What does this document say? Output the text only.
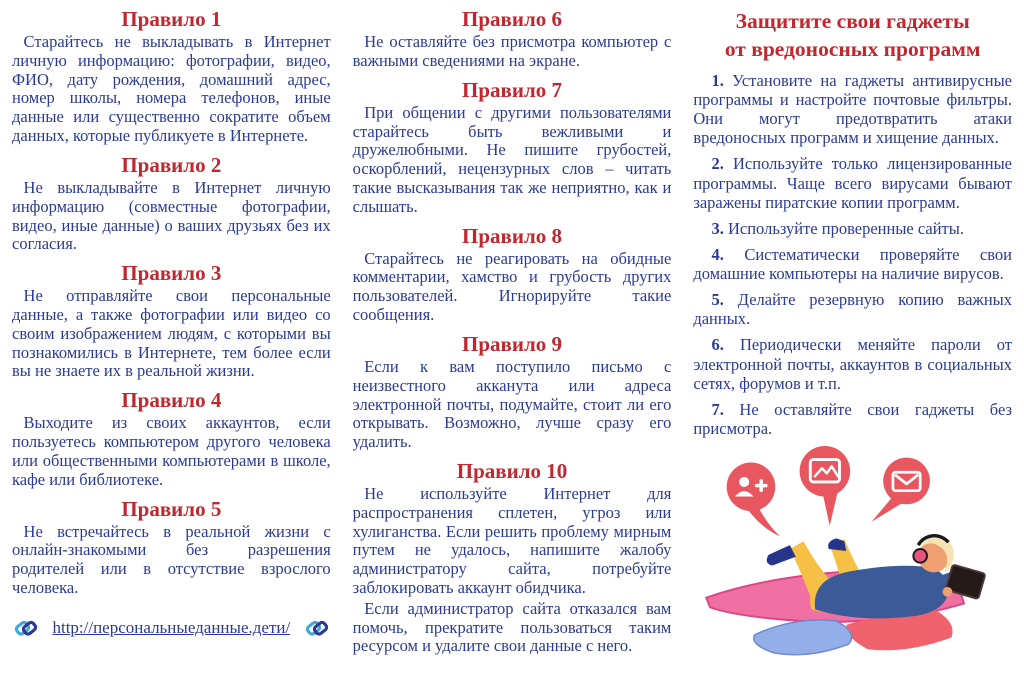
Правило 1

Старайтесь не выкладывать в Интернет личную информацию: фотографии, видео, ФИО, дату рождения, домашний адрес, номер школы, номера телефонов, иные данные или существенно сократите объем данных, которые публикуете в Интернете.

Правило 2

Не выкладывайте в Интернет личную информацию (совместные фотографии, видео, иные данные) о ваших друзьях без их согласия.

Правило 3

Не отправляйте свои персональные данные, а также фотографии или видео со своим изображением людям, с которыми вы познакомились в Интернете, тем более если вы не знаете их в реальной жизни.

Правило 4

Выходите из своих аккаунтов, если пользуетесь компьютером другого человека или общественными компьютерами в школе, кафе или библиотеке.

Правило 5

Не встречайтесь в реальной жизни с онлайн-знакомыми без разрешения родителей или в отсутствие взрослого человека.

http://персональныеданные.дети/
Правило 6

Не оставляйте без присмотра компьютер с важными сведениями на экране.

Правило 7

При общении с другими пользователями старайтесь быть вежливыми и дружелюбными. Не пишите грубостей, оскорблений, нецензурных слов – читать такие высказывания так же неприятно, как и слышать.

Правило 8

Старайтесь не реагировать на обидные комментарии, хамство и грубость других пользователей. Игнорируйте такие сообщения.

Правило 9

Если к вам поступило письмо с неизвестного акканута или адреса электронной почты, подумайте, стоит ли его открывать. Возможно, лучше сразу его удалить.

Правило 10

Не используйте Интернет для распространения сплетен, угроз или хулиганства. Если решить проблему мирным путем не удалось, напишите жалобу администратору сайта, потребуйте заблокировать аккаунт обидчика.

Если администратор сайта отказался вам помочь, прекратите пользоваться таким ресурсом и удалите свои данные с него.

Защитите свои гаджеты
от вредоносных программ

1. Установите на гаджеты антивирусные программы и настройте почтовые фильтры. Они могут предотвратить атаки вредоносных программ и хищение данных.

2. Используйте только лицензированные программы. Чаще всего вирусами бывают заражены пиратские копии программ.

3. Используйте проверенные сайты.

4. Систематически проверяйте свои домашние компьютеры на наличие вирусов.

5. Делайте резервную копию важных данных.

6. Периодически меняйте пароли от электронной почты, аккаунтов в социальных сетях, форумов и т.п.

7. Не оставляйте свои гаджеты без присмотра.
